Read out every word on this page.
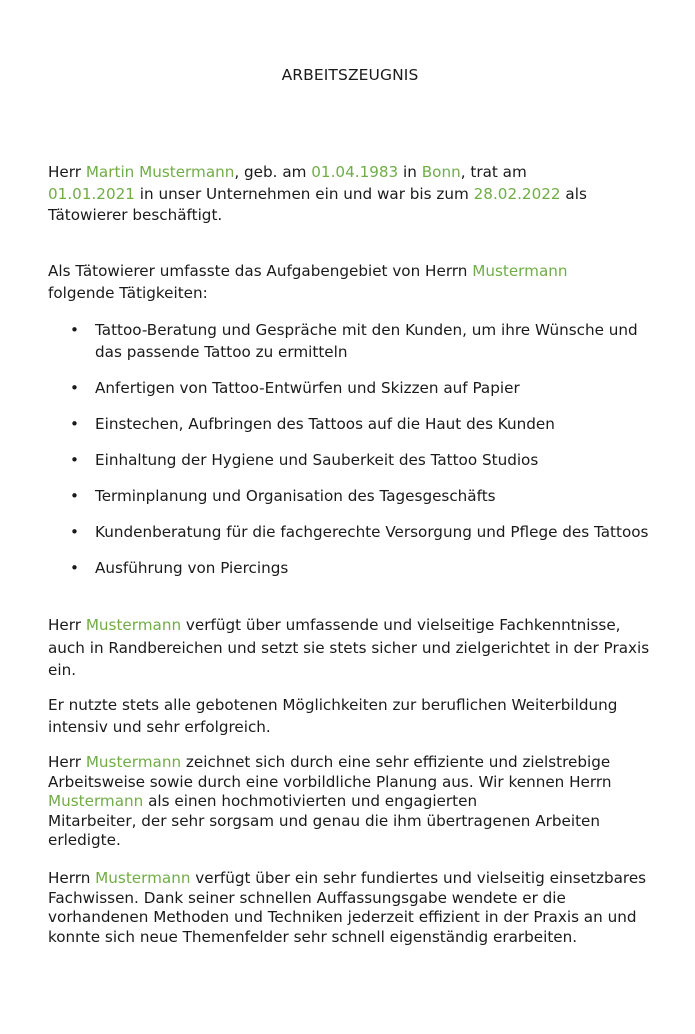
ARBEITSZEUGNIS
Herr Martin Mustermann, geb. am 01.04.1983 in Bonn, trat am
01.01.2021 in unser Unternehmen ein und war bis zum 28.02.2022 als
Tätowierer beschäftigt.
Als Tätowierer umfasste das Aufgabengebiet von Herrn Mustermann
folgende Tätigkeiten:
• Tattoo-Beratung und Gespräche mit den Kunden, um ihre Wünsche und das passende Tattoo zu ermitteln
• Anfertigen von Tattoo-Entwürfen und Skizzen auf Papier
• Einstechen, Aufbringen des Tattoos auf die Haut des Kunden
• Einhaltung der Hygiene und Sauberkeit des Tattoo Studios
• Terminplanung und Organisation des Tagesgeschäfts
• Kundenberatung für die fachgerechte Versorgung und Pflege des Tattoos
• Ausführung von Piercings
Herr Mustermann verfügt über umfassende und vielseitige Fachkenntnisse, auch in Randbereichen und setzt sie stets sicher und zielgerichtet in der Praxis ein.
Er nutzte stets alle gebotenen Möglichkeiten zur beruflichen Weiterbildung intensiv und sehr erfolgreich.
Herr Mustermann zeichnet sich durch eine sehr effiziente und zielstrebige Arbeitsweise sowie durch eine vorbildliche Planung aus. Wir kennen Herrn
Mustermann als einen hochmotivierten und engagierten
Mitarbeiter, der sehr sorgsam und genau die ihm übertragenen Arbeiten erledigte.
Herrn Mustermann verfügt über ein sehr fundiertes und vielseitig einsetzbares Fachwissen. Dank seiner schnellen Auffassungsgabe wendete er die vorhandenen Methoden und Techniken jederzeit effizient in der Praxis an und konnte sich neue Themenfelder sehr schnell eigenständig erarbeiten.
